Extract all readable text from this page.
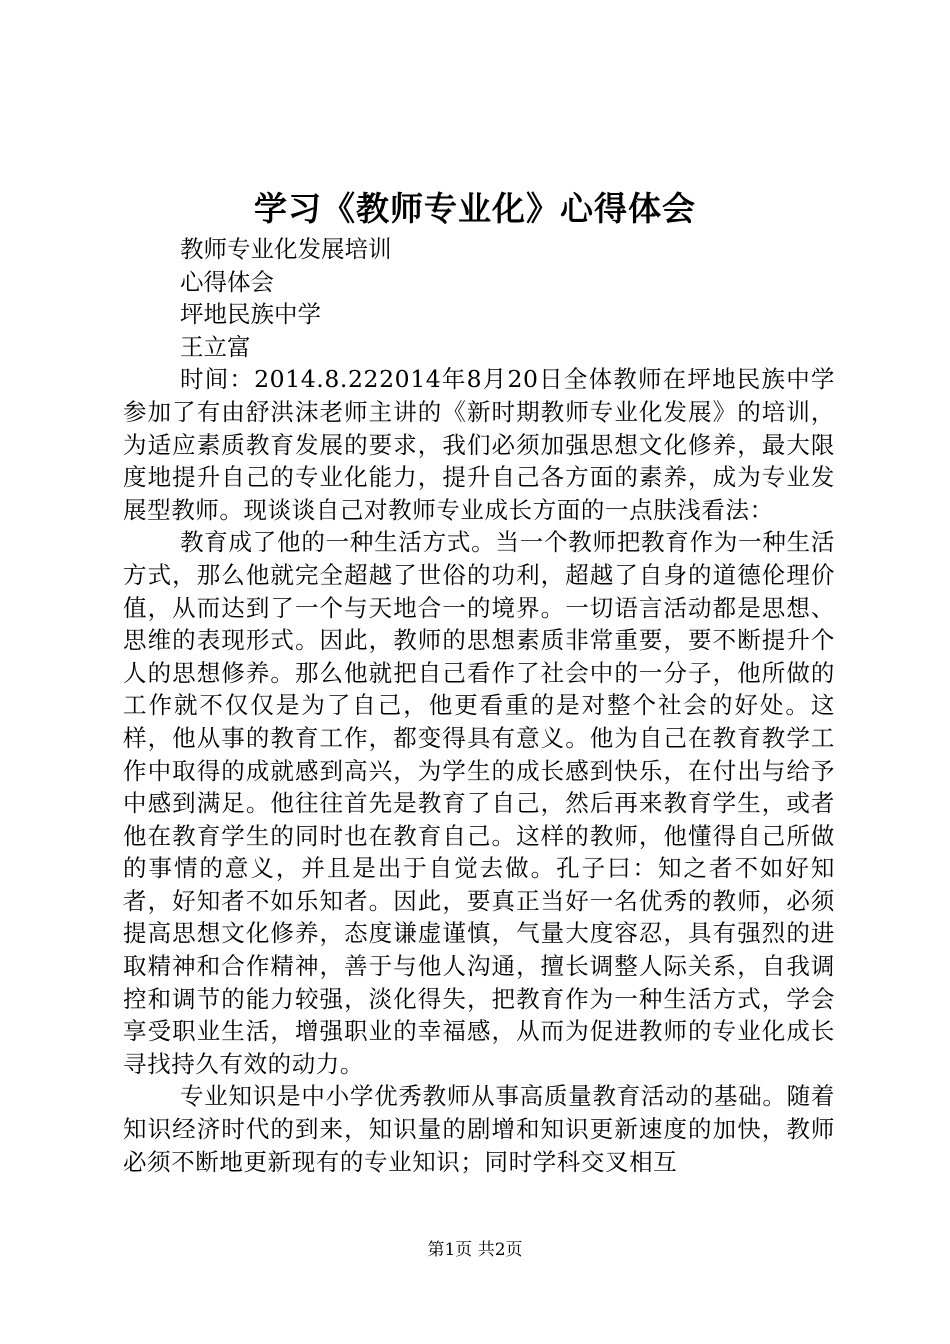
学习《教师专业化》心得体会

教师专业化发展培训

心得体会

坪地民族中学

王立富

时间：2014.8.222014年8月20日全体教师在坪地民族中学参加了有由舒洪沫老师主讲的《新时期教师专业化发展》的培训，为适应素质教育发展的要求，我们必须加强思想文化修养，最大限度地提升自己的专业化能力，提升自己各方面的素养，成为专业发展型教师。现谈谈自己对教师专业成长方面的一点肤浅看法：

教育成了他的一种生活方式。当一个教师把教育作为一种生活方式，那么他就完全超越了世俗的功利，超越了自身的道德伦理价值，从而达到了一个与天地合一的境界。一切语言活动都是思想、思维的表现形式。因此，教师的思想素质非常重要，要不断提升个人的思想修养。那么他就把自己看作了社会中的一分子，他所做的工作就不仅仅是为了自己，他更看重的是对整个社会的好处。这样，他从事的教育工作，都变得具有意义。他为自己在教育教学工作中取得的成就感到高兴，为学生的成长感到快乐，在付出与给予中感到满足。他往往首先是教育了自己，然后再来教育学生，或者他在教育学生的同时也在教育自己。这样的教师，他懂得自己所做的事情的意义，并且是出于自觉去做。孔子曰：知之者不如好知者，好知者不如乐知者。因此，要真正当好一名优秀的教师，必须提高思想文化修养，态度谦虚谨慎，气量大度容忍，具有强烈的进取精神和合作精神，善于与他人沟通，擅长调整人际关系，自我调控和调节的能力较强，淡化得失，把教育作为一种生活方式，学会享受职业生活，增强职业的幸福感，从而为促进教师的专业化成长寻找持久有效的动力。

专业知识是中小学优秀教师从事高质量教育活动的基础。随着知识经济时代的到来，知识量的剧增和知识更新速度的加快，教师必须不断地更新现有的专业知识；同时学科交叉相互

第1页 共2页
